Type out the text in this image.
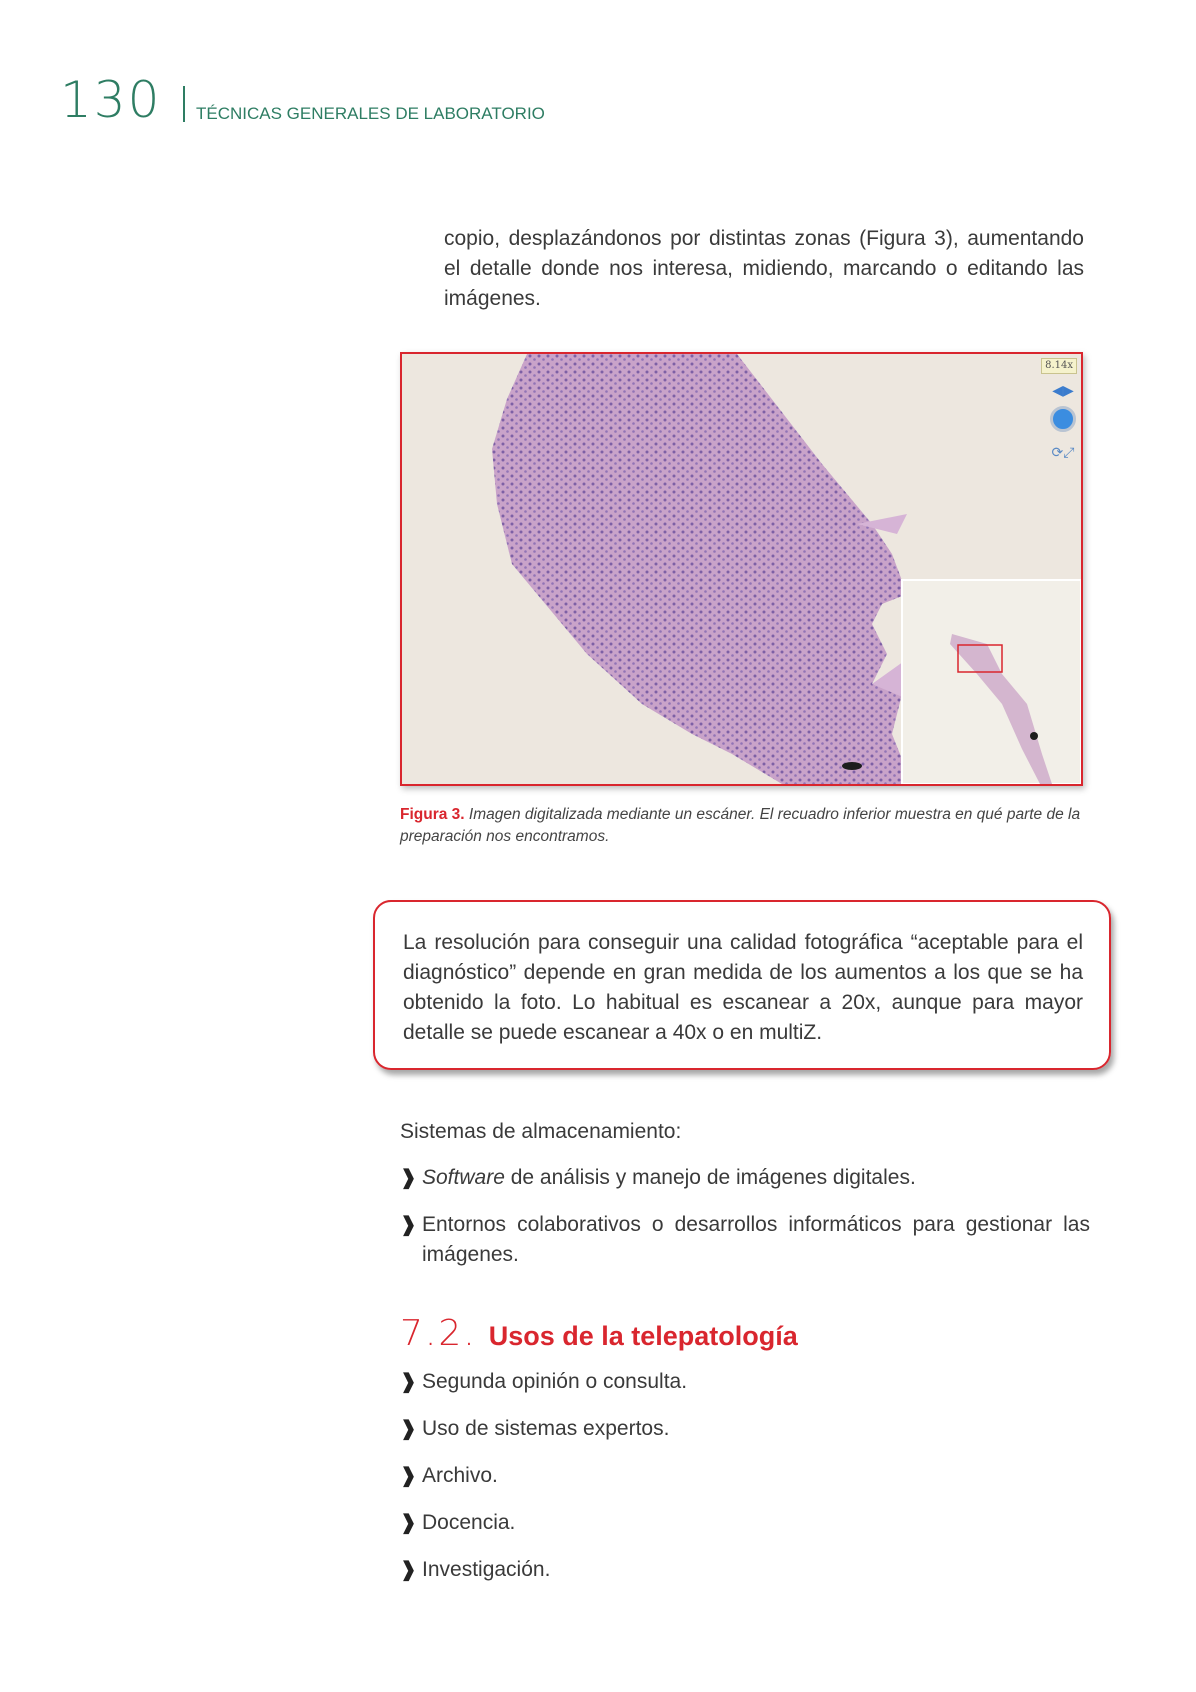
130 TÉCNICAS GENERALES DE LABORATORIO

copio, desplazándonos por distintas zonas (Figura 3), aumentando el detalle donde nos interesa, midiendo, marcando o editando las imágenes.

8.14x
◀▶
⟳⤢
Figura 3. Imagen digitalizada mediante un escáner. El recuadro inferior muestra en qué parte de la preparación nos encontramos.

La resolución para conseguir una calidad fotográfica “aceptable para el diagnóstico” depende en gran medida de los aumentos a los que se ha obtenido la foto. Lo habitual es escanear a 20x, aunque para mayor detalle se puede escanear a 40x o en multiZ.

Sistemas de almacenamiento:

❱ Software de análisis y manejo de imágenes digitales.
❱ Entornos colaborativos o desarrollos informáticos para gestionar las imágenes.
7.2. Usos de la telepatología
❱ Segunda opinión o consulta.
❱ Uso de sistemas expertos.
❱ Archivo.
❱ Docencia.
❱ Investigación.
